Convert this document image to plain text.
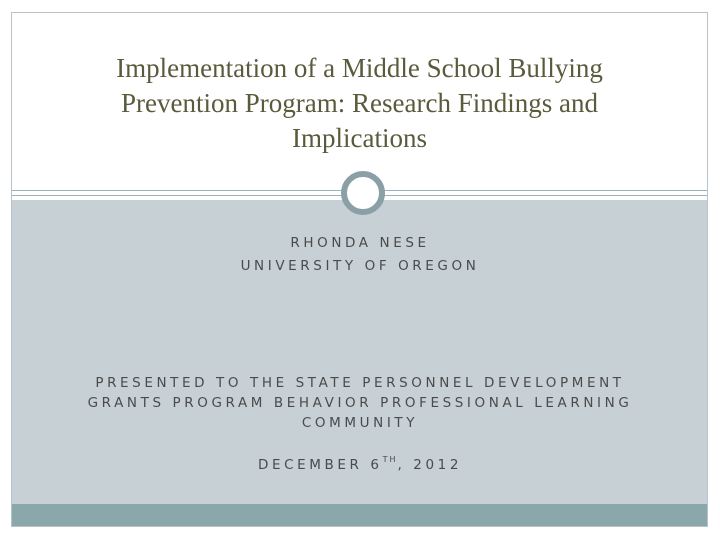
Implementation of a Middle School Bullying
Prevention Program: Research Findings and
Implications
RHONDA NESE
UNIVERSITY OF OREGON
PRESENTED TO THE STATE PERSONNEL DEVELOPMENT
GRANTS PROGRAM BEHAVIOR PROFESSIONAL LEARNING
COMMUNITY
DECEMBER 6TH, 2012
